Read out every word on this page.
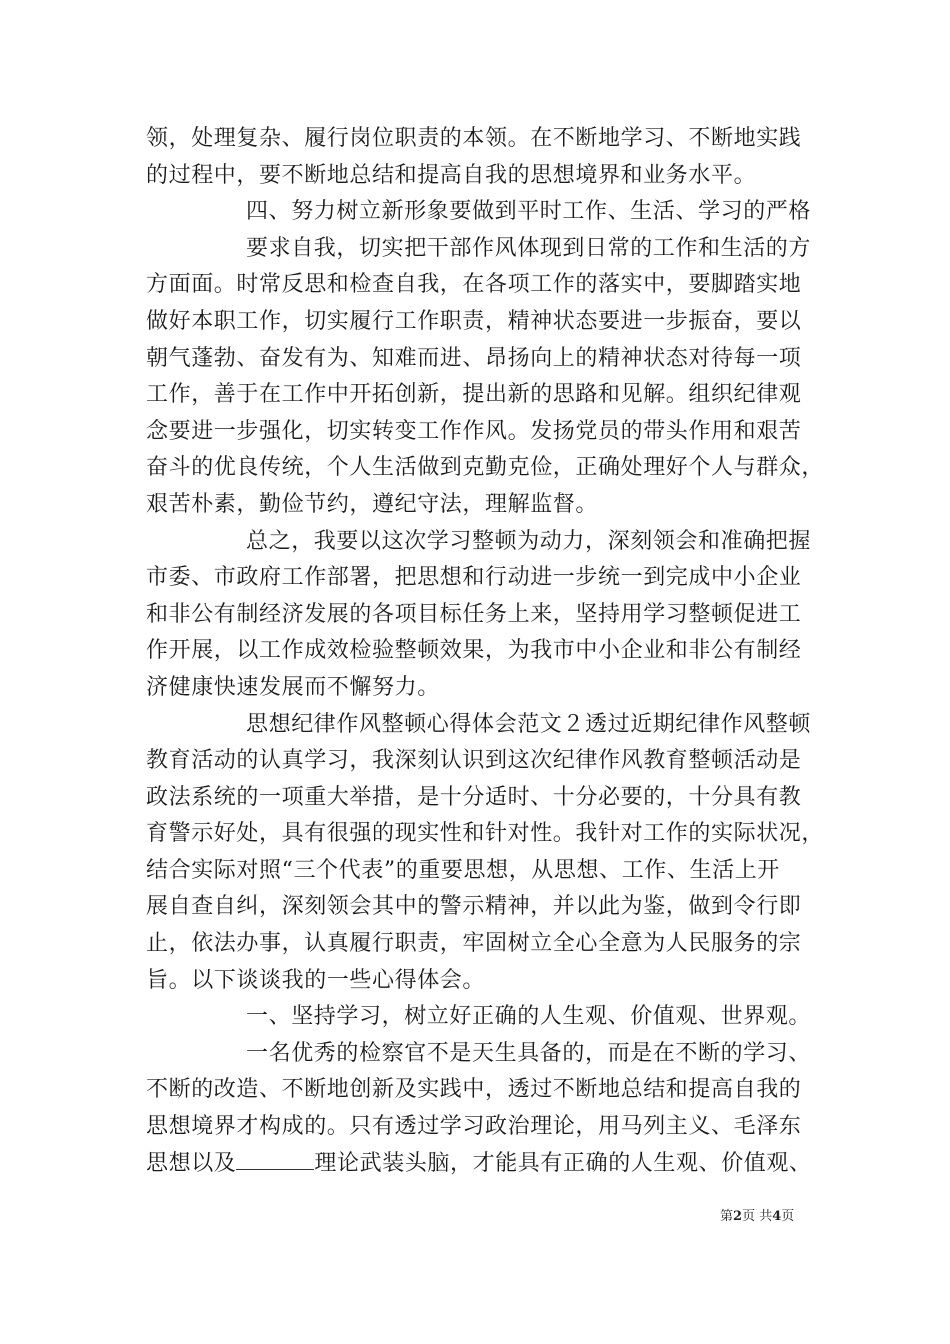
领，处理复杂、履行岗位职责的本领。在不断地学习、不断地实践
的过程中，要不断地总结和提高自我的思想境界和业务水平。
四、努力树立新形象要做到平时工作、生活、学习的严格
要求自我，切实把干部作风体现到日常的工作和生活的方
方面面。时常反思和检查自我，在各项工作的落实中，要脚踏实地
做好本职工作，切实履行工作职责，精神状态要进一步振奋，要以
朝气蓬勃、奋发有为、知难而进、昂扬向上的精神状态对待每一项
工作，善于在工作中开拓创新，提出新的思路和见解。组织纪律观
念要进一步强化，切实转变工作作风。发扬党员的带头作用和艰苦
奋斗的优良传统，个人生活做到克勤克俭，正确处理好个人与群众，
艰苦朴素，勤俭节约，遵纪守法，理解监督。
总之，我要以这次学习整顿为动力，深刻领会和准确把握
市委、市政府工作部署，把思想和行动进一步统一到完成中小企业
和非公有制经济发展的各项目标任务上来，坚持用学习整顿促进工
作开展，以工作成效检验整顿效果，为我市中小企业和非公有制经
济健康快速发展而不懈努力。
思想纪律作风整顿心得体会范文２透过近期纪律作风整顿
教育活动的认真学习，我深刻认识到这次纪律作风教育整顿活动是
政法系统的一项重大举措，是十分适时、十分必要的，十分具有教
育警示好处，具有很强的现实性和针对性。我针对工作的实际状况，
结合实际对照“三个代表”的重要思想，从思想、工作、生活上开
展自查自纠，深刻领会其中的警示精神，并以此为鉴，做到令行即
止，依法办事，认真履行职责，牢固树立全心全意为人民服务的宗
旨。以下谈谈我的一些心得体会。
一、坚持学习，树立好正确的人生观、价值观、世界观。
一名优秀的检察官不是天生具备的，而是在不断的学习、
不断的改造、不断地创新及实践中，透过不断地总结和提高自我的
思想境界才构成的。只有透过学习政治理论，用马列主义、毛泽东
思想以及	理论武装头脑，才能具有正确的人生观、价值观、
第2页 共4页
